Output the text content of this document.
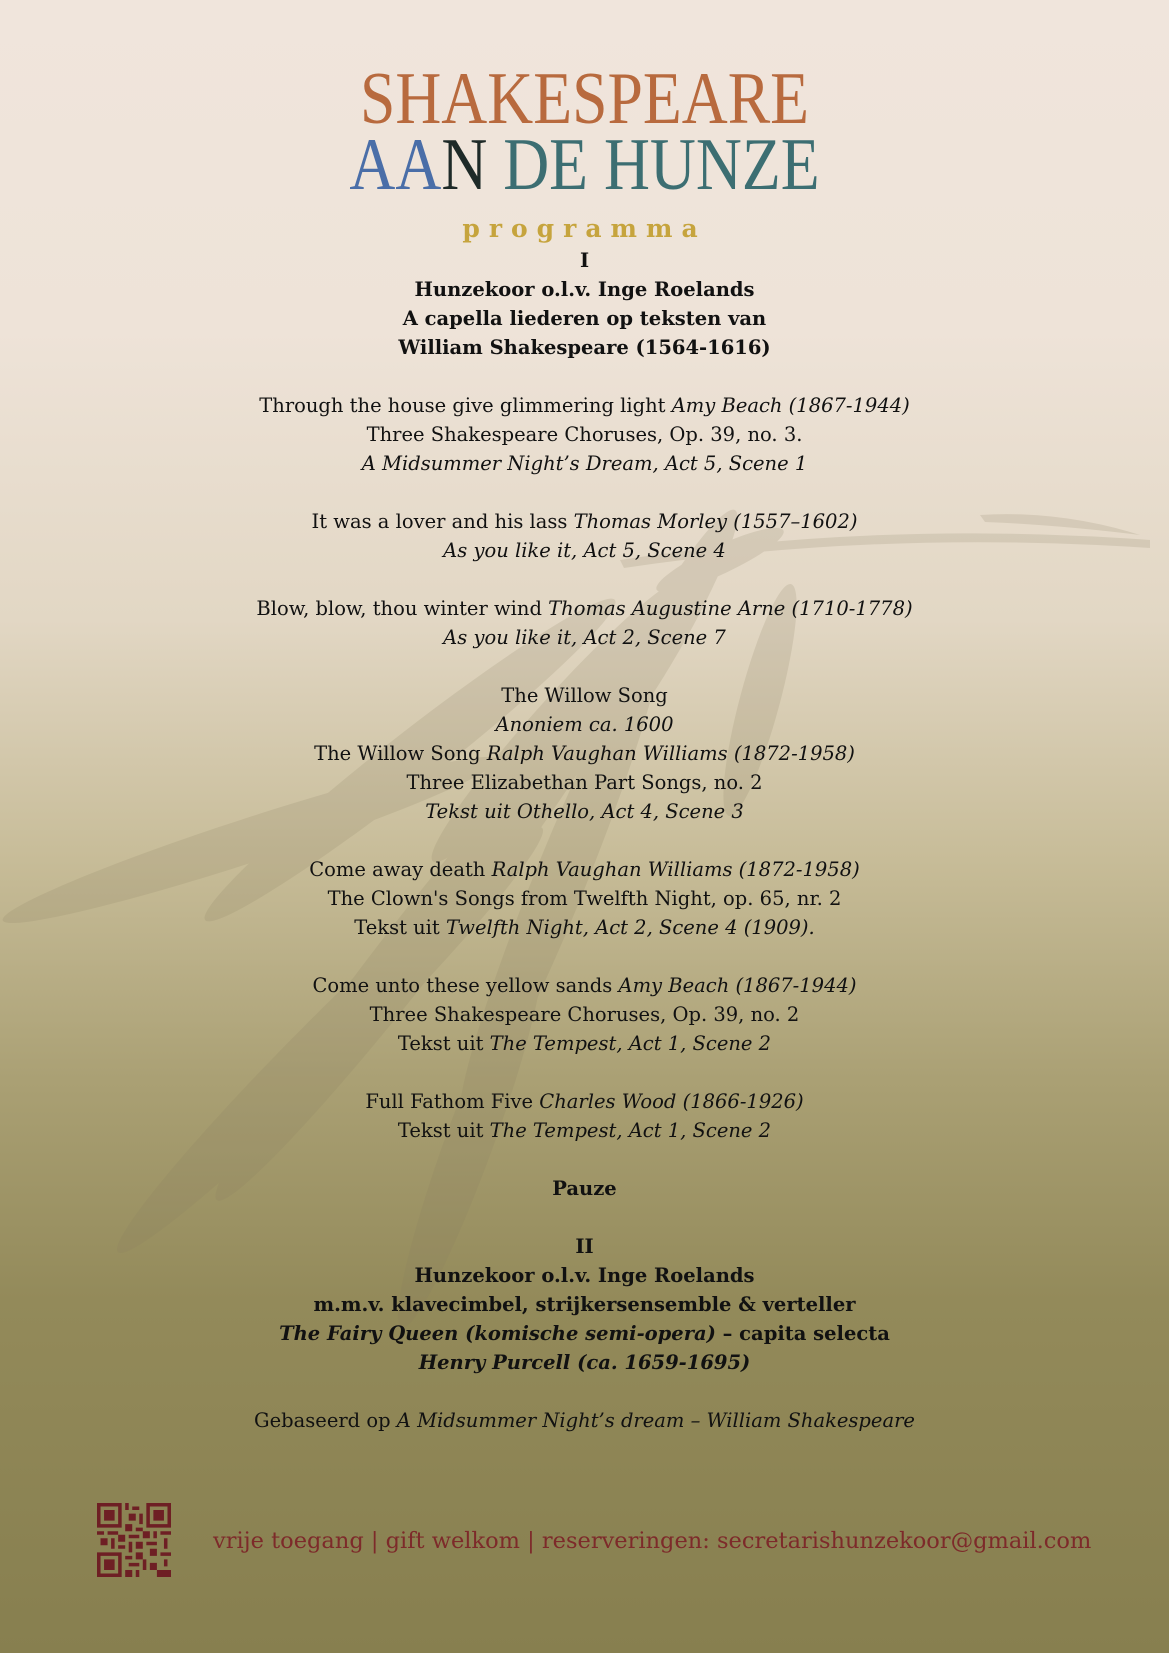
SHAKESPEARE
AAN DE HUNZE
programma

I

Hunzekoor o.l.v. Inge Roelands

A capella liederen op teksten van

William Shakespeare (1564-1616)

Through the house give glimmering light Amy Beach (1867-1944)

Three Shakespeare Choruses, Op. 39, no. 3.

A Midsummer Night’s Dream, Act 5, Scene 1

It was a lover and his lass Thomas Morley (1557–1602)

As you like it, Act 5, Scene 4

Blow, blow, thou winter wind Thomas Augustine Arne (1710-1778)

As you like it, Act 2, Scene 7

The Willow Song

Anoniem ca. 1600

The Willow Song Ralph Vaughan Williams (1872-1958)

Three Elizabethan Part Songs, no. 2

Tekst uit Othello, Act 4, Scene 3

Come away death Ralph Vaughan Williams (1872-1958)

The Clown's Songs from Twelfth Night, op. 65, nr. 2

Tekst uit Twelfth Night, Act 2, Scene 4 (1909).

Come unto these yellow sands Amy Beach (1867-1944)

Three Shakespeare Choruses, Op. 39, no. 2

Tekst uit The Tempest, Act 1, Scene 2

Full Fathom Five Charles Wood (1866-1926)

Tekst uit The Tempest, Act 1, Scene 2

Pauze

II

Hunzekoor o.l.v. Inge Roelands

m.m.v. klavecimbel, strijkersensemble & verteller

The Fairy Queen (komische semi-opera) – capita selecta

Henry Purcell (ca. 1659-1695)

Gebaseerd op A Midsummer Night’s dream – William Shakespeare

vrije toegang | gift welkom | reserveringen: secretarishunzekoor@gmail.com
